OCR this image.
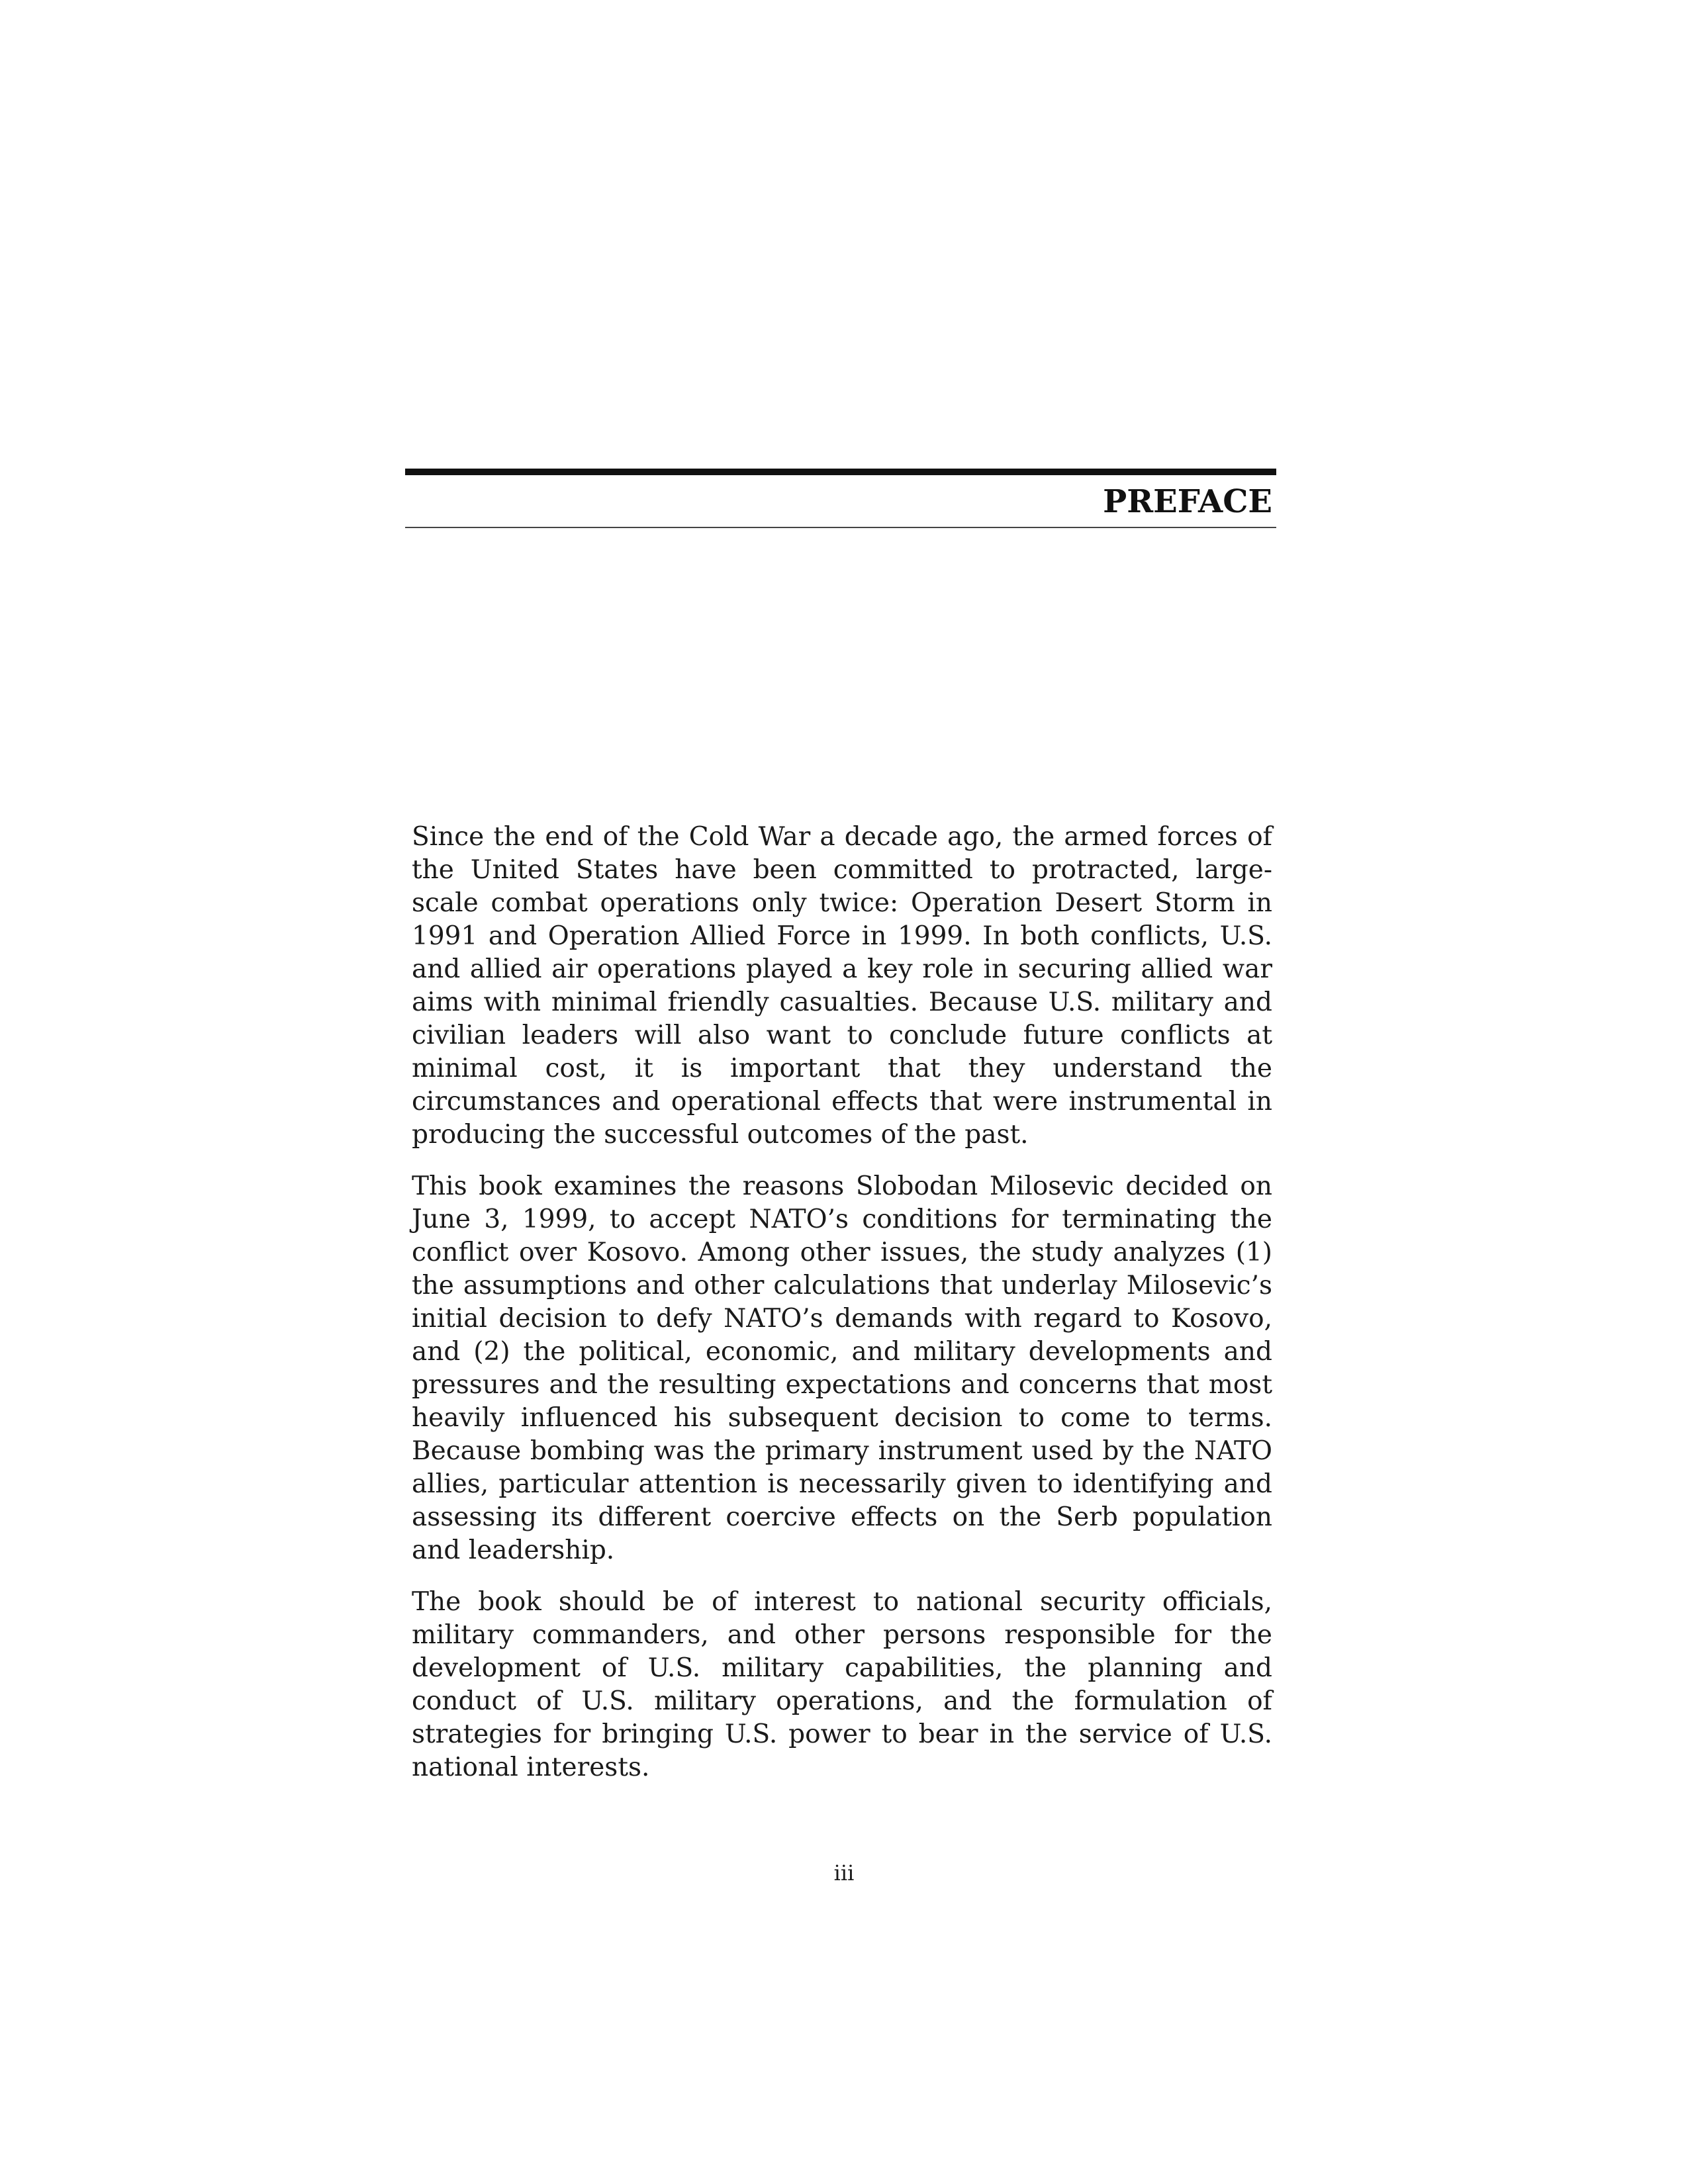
PREFACE

Since the end of the Cold War a decade ago, the armed forces of the United States have been committed to protracted, large-scale combat operations only twice: Operation Desert Storm in 1991 and Operation Allied Force in 1999. In both conflicts, U.S. and allied air operations played a key role in securing allied war aims with minimal friendly casualties. Because U.S. military and civilian leaders will also want to conclude future conflicts at minimal cost, it is important that they understand the circumstances and operational effects that were instrumental in producing the successful outcomes of the past.

This book examines the reasons Slobodan Milosevic decided on June 3, 1999, to accept NATO’s conditions for terminating the conflict over Kosovo. Among other issues, the study analyzes (1) the assumptions and other calculations that underlay Milosevic’s initial decision to defy NATO’s demands with regard to Kosovo, and (2) the political, economic, and military developments and pressures and the resulting expectations and concerns that most heavily influenced his subsequent decision to come to terms. Because bombing was the primary instrument used by the NATO allies, particular attention is necessarily given to identifying and assessing its different coercive effects on the Serb population and leadership.

The book should be of interest to national security officials, military commanders, and other persons responsible for the development of U.S. military capabilities, the planning and conduct of U.S. military operations, and the formulation of strategies for bringing U.S. power to bear in the service of U.S. national interests.

iii
